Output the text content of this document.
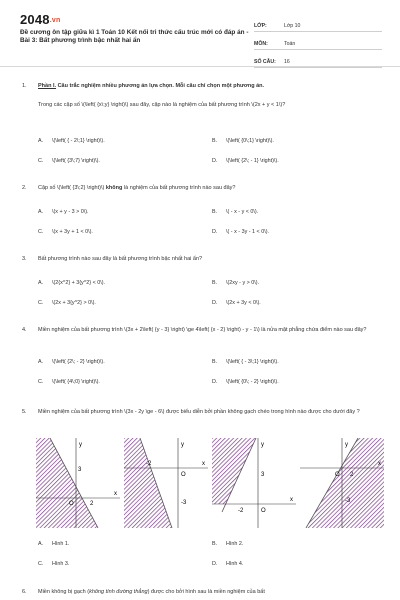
2048.vn
Đề cương ôn tập giữa kì 1 Toán 10 Kết nối tri thức cấu trúc mới có đáp án - Bài 3: Bất phương trình bậc nhất hai ẩn
LỚP:	Lớp 10
MÔN:	Toán
SỐ CÂU:	16
1. Phần I. Câu trắc nghiệm nhiều phương án lựa chọn. Mỗi câu chỉ chọn một phương án.
Trong các cặp số \(\left( {x\;y} \right)\) sau đây, cặp nào là nghiệm của bất phương trình \(2x + y < 1\)?
A. \(\left( { - 2\;1} \right)\).	B. \(\left( {0\;1} \right)\).
C. \(\left( {3\;7} \right)\).	D. \(\left( {2\; - 1} \right)\).
2. Cặp số \(\left( {3\;2} \right)\) không là nghiệm của bất phương trình nào sau đây?
A. \(x + y - 3 > 0\).	B. \( - x - y < 0\).
C. \(x + 3y + 1 < 0\).	D. \( - x - 3y - 1 < 0\).
3. Bất phương trình nào sau đây là bất phương trình bậc nhất hai ẩn?
A. \(2{x^2} + 3{y^2} < 0\).	B. \(2xy - y > 0\).
C. \(2x + 3{y^2} > 0\).	D. \(2x + 3y < 0\).
4. Miền nghiệm của bất phương trình \(3x + 2\left( {y - 3} \right) \ge 4\left( {x - 2} \right) - y - 1\) là nửa mặt phẳng chứa điểm nào sau đây?
A. \(\left( {2\; - 2} \right)\).	B. \(\left( { - 3\;1} \right)\).
C. \(\left( {4\;0} \right)\).	D. \(\left( {0\; - 2} \right)\).
5. Miền nghiệm của bất phương trình \(3x - 2y \ge - 6\) được biểu diễn bởi phần không gạch chéo trong hình nào được cho dưới đây ?
y
x
O	2
3
y
x
O
-2
-3
y
x
O
-2
3
y
x
O 2
-3
A. Hình 1.	B. Hình 2.
C. Hình 3.	D. Hình 4.
6. Miền không bị gạch (không tính đường thẳng) được cho bởi hình sau là miền nghiệm của bất
